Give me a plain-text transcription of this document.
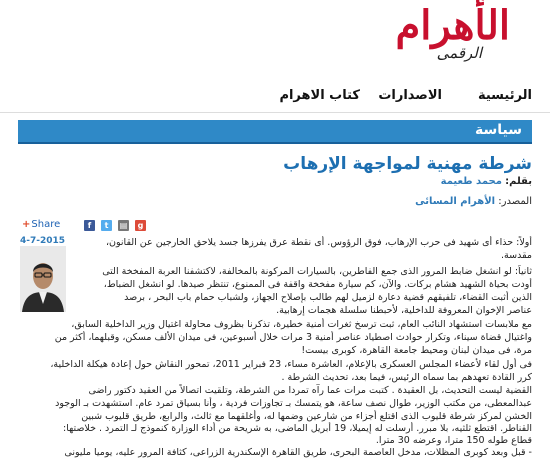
الأهرام
الرقمى
الرئيسية
الاصدارات
كتاب الاهرام
سياسة
شرطة مهنية لمواجهة الإرهاب
بقلم: محمد طعيمة
المصدر: الأهرام المسائى
+Share	f	t	▤	g
4-7-2015	أولاً: حذاء أى شهيد فى حرب الإرهاب، فوق الرؤوس. أى نقطة عرق يفرزها جسد يلاحق الخارجين عن القانون،
مقدسة.
ثانياً: لو انشغل ضابط المرور الذى جمع الفاطرين، بالسيارات المركونة بالمخالفة، لاكتشفنا العربة المفخخة التى
أودت بحياة الشهيد هشام بركات. والآن، كم سيارة مفخخة واقفة فى الممنوع، تنتظر صيدها. لو انشغل الضباط،
الذين أثبت القضاء، تلفيقهم قضية دعارة لزميل لهم طالب بإصلاح الجهاز، ولشباب حمام باب البحر ، برصد
عناصر الإخوان المعروفة للداخلية، لأحبطنا سلسلة هجمات إرهابية.
مع ملابسات استشهاد النائب العام، ثبت ترسخ ثغرات أمنية خطيرة، تذكرنا بظروف محاولة اغتيال وزير الداخلية السابق،
واغتيال قضاة سيناء، وتكرار حوادث اصطياد عناصر أمنية 3 مرات خلال أسبوعين، فى ميدان الألف مسكن، وقبلهما، أكثر من
مرة، فى ميدان لبنان ومحيط جامعة القاهرة، كوبرى بيست!
فى أول لقاء لأعضاء المجلس العسكرى بالإعلام، العاشرة مساء، 23 فبراير 2011، تمحور النقاش حول إعادة هيكلة الداخلية،
كرر القادة تعهدهم بما سماه الرئيس، فيما بعد، تحديث الشرطة .
القضية ليست التحديث، بل العقيدة . كتبت مرات عما رآه تمردا من الشرطة، وتلقيت اتصالاً من العقيد دكتور راضى
عبدالمعطى، من مكتب الوزير، طوال نصف ساعة، هو يتمسك بـ تجاوزات فردية ، وأنا بسياق تمرد عام. استشهدت بـ الوجود
الخشن لمركز شرطة قليوب الذى اقتلع أجزاء من شارعين وضمها له، وأغلقهما مع ثالث، والرابع، طريق قليوب شبين
القناطر. اقتطع ثلثيه، بلا مبرر. أرسلت له إيميلا، 19 أبريل الماضى، به شريحة من أداء الوزارة كنموذج لـ التمرد . خلاصتها:
قطاع طوله 150 مترا، وعرضه 30 مترا.
- قبل وبعد كوبرى المظلات، مدخل العاصمة البحرى، طريق القاهرة الإسكندرية الزراعى، كثافة المرور عليه، يوميا مليونى
